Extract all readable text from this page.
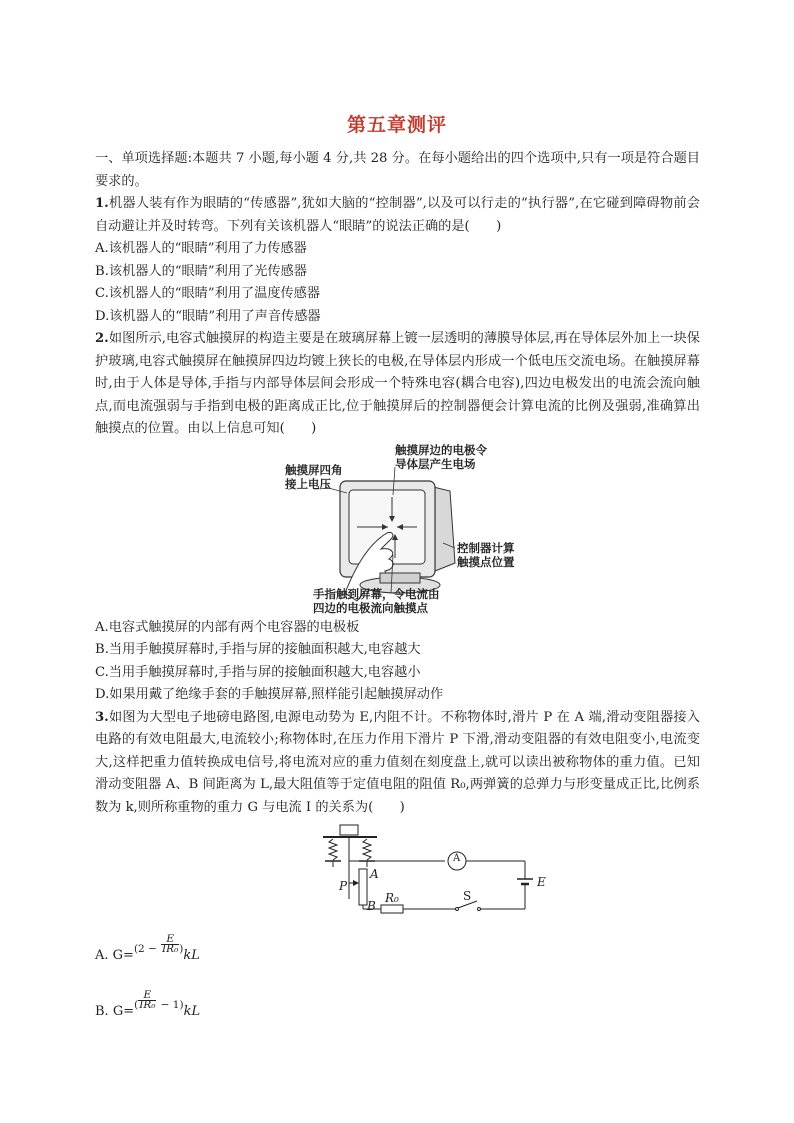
第五章测评

一、单项选择题:本题共 7 小题,每小题 4 分,共 28 分。在每小题给出的四个选项中,只有一项是符合题目要求的。

1.机器人装有作为眼睛的“传感器”,犹如大脑的“控制器”,以及可以行走的“执行器”,在它碰到障碍物前会自动避让并及时转弯。下列有关该机器人“眼睛”的说法正确的是(　　)

A.该机器人的“眼睛”利用了力传感器

B.该机器人的“眼睛”利用了光传感器

C.该机器人的“眼睛”利用了温度传感器

D.该机器人的“眼睛”利用了声音传感器

2.如图所示,电容式触摸屏的构造主要是在玻璃屏幕上镀一层透明的薄膜导体层,再在导体层外加上一块保护玻璃,电容式触摸屏在触摸屏四边均镀上狭长的电极,在导体层内形成一个低电压交流电场。在触摸屏幕时,由于人体是导体,手指与内部导体层间会形成一个特殊电容(耦合电容),四边电极发出的电流会流向触点,而电流强弱与手指到电极的距离成正比,位于触摸屏后的控制器便会计算电流的比例及强弱,准确算出触摸点的位置。由以上信息可知(　　)

触摸屏四角
接上电压
触摸屏边的电极令
导体层产生电场
控制器计算
触摸点位置
手指触到屏幕，令电流由
四边的电极流向触摸点

A.电容式触摸屏的内部有两个电容器的电极板

B.当用手触摸屏幕时,手指与屏的接触面积越大,电容越大

C.当用手触摸屏幕时,手指与屏的接触面积越大,电容越小

D.如果用戴了绝缘手套的手触摸屏幕,照样能引起触摸屏动作

3.如图为大型电子地磅电路图,电源电动势为 E,内阻不计。不称物体时,滑片 P 在 A 端,滑动变阻器接入电路的有效电阻最大,电流较小;称物体时,在压力作用下滑片 P 下滑,滑动变阻器的有效电阻变小,电流变大,这样把重力值转换成电信号,将电流对应的重力值刻在刻度盘上,就可以读出被称物体的重力值。已知滑动变阻器 A、B 间距离为 L,最大阻值等于定值电阻的阻值 R₀,两弹簧的总弹力与形变量成正比,比例系数为 k,则所称重物的重力 G 与电流 I 的关系为(　　)

A
A
P
B
R₀	S
E

A. $G=^{(2 -} \frac{E}{\text{IR₀}} ^)kL$

B. $G=^( \frac{E}{\text{IR₀}} ^{- 1)}kL$
